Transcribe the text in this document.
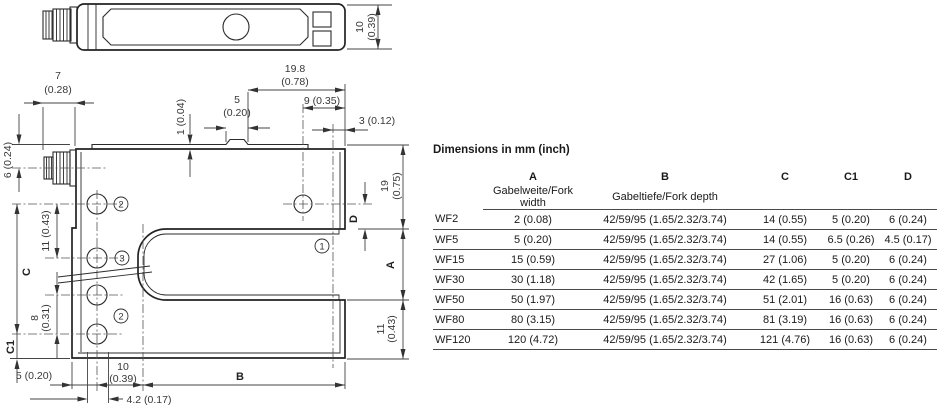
10 (0.39)
7
(0.28)
19.8
(0.78)
9 (0.35)
5
(0.20)
3 (0.12)
1 (0.04)
6 (0.24)
11 (0.43)
8 (0.31)
C
C1
19 (0.75)
A
11 (0.43)
D
5 (0.20)
10
(0.39)	B
4.2 (0.17)
1
2
3
2

Dimensions in mm (inch)

	A	B	C	C1	D
	Gabelweite/Fork width	Gabeltiefe/Fork depth			
WF2	2 (0.08)	42/59/95 (1.65/2.32/3.74)	14 (0.55)	5 (0.20)	6 (0.24)
WF5	5 (0.20)	42/59/95 (1.65/2.32/3.74)	14 (0.55)	6.5 (0.26)	4.5 (0.17)
WF15	15 (0.59)	42/59/95 (1.65/2.32/3.74)	27 (1.06)	5 (0.20)	6 (0.24)
WF30	30 (1.18)	42/59/95 (1.65/2.32/3.74)	42 (1.65)	5 (0.20)	6 (0.24)
WF50	50 (1.97)	42/59/95 (1.65/2.32/3.74)	51 (2.01)	16 (0.63)	6 (0.24)
WF80	80 (3.15)	42/59/95 (1.65/2.32/3.74)	81 (3.19)	16 (0.63)	6 (0.24)
WF120	120 (4.72)	42/59/95 (1.65/2.32/3.74)	121 (4.76)	16 (0.63)	6 (0.24)
